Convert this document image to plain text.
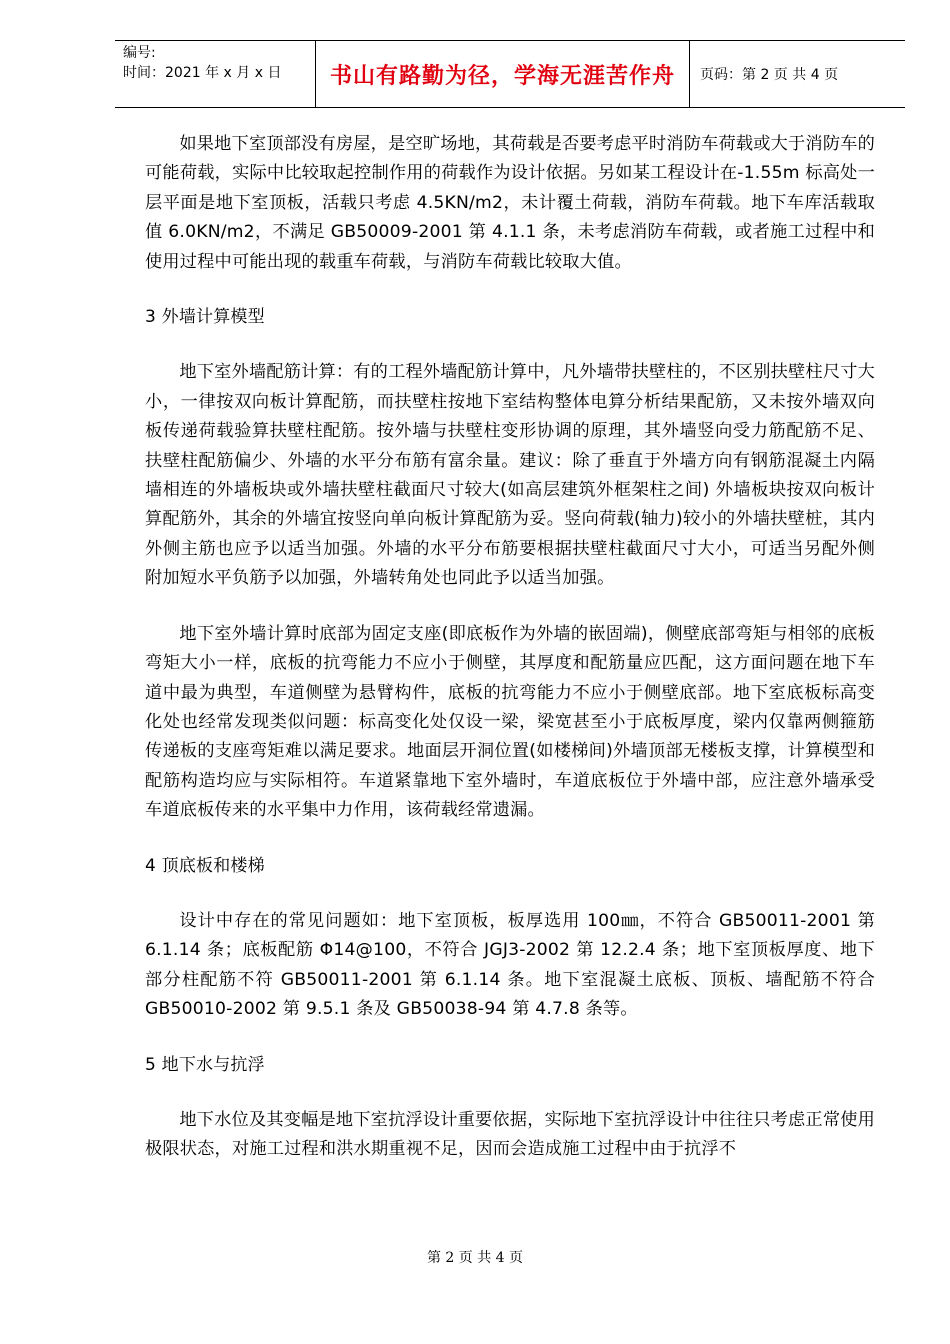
编号:
时间：2021 年 x 月 x 日	书山有路勤为径，学海无涯苦作舟	页码：第 2 页 共 4 页

如果地下室顶部没有房屋，是空旷场地，其荷载是否要考虑平时消防车荷载或大于消防车的可能荷载，实际中比较取起控制作用的荷载作为设计依据。另如某工程设计在-1.55m 标高处一层平面是地下室顶板，活载只考虑 4.5KN/m2，未计覆土荷载，消防车荷载。地下车库活载取值 6.0KN/m2，不满足 GB50009-2001 第 4.1.1 条，未考虑消防车荷载，或者施工过程中和使用过程中可能出现的载重车荷载，与消防车荷载比较取大值。

3 外墙计算模型

地下室外墙配筋计算：有的工程外墙配筋计算中，凡外墙带扶壁柱的，不区别扶壁柱尺寸大小，一律按双向板计算配筋，而扶壁柱按地下室结构整体电算分析结果配筋，又未按外墙双向板传递荷载验算扶壁柱配筋。按外墙与扶壁柱变形协调的原理，其外墙竖向受力筋配筋不足、扶壁柱配筋偏少、外墙的水平分布筋有富余量。建议：除了垂直于外墙方向有钢筋混凝土内隔墙相连的外墙板块或外墙扶壁柱截面尺寸较大(如高层建筑外框架柱之间) 外墙板块按双向板计算配筋外，其余的外墙宜按竖向单向板计算配筋为妥。竖向荷载(轴力)较小的外墙扶壁桩，其内外侧主筋也应予以适当加强。外墙的水平分布筋要根据扶壁柱截面尺寸大小，可适当另配外侧附加短水平负筋予以加强，外墙转角处也同此予以适当加强。

地下室外墙计算时底部为固定支座(即底板作为外墙的嵌固端)，侧壁底部弯矩与相邻的底板弯矩大小一样，底板的抗弯能力不应小于侧壁，其厚度和配筋量应匹配，这方面问题在地下车道中最为典型，车道侧壁为悬臂构件，底板的抗弯能力不应小于侧壁底部。地下室底板标高变化处也经常发现类似问题：标高变化处仅设一梁，梁宽甚至小于底板厚度，梁内仅靠两侧箍筋传递板的支座弯矩难以满足要求。地面层开洞位置(如楼梯间)外墙顶部无楼板支撑，计算模型和配筋构造均应与实际相符。车道紧靠地下室外墙时，车道底板位于外墙中部，应注意外墙承受车道底板传来的水平集中力作用，该荷载经常遗漏。

4 顶底板和楼梯

设计中存在的常见问题如：地下室顶板，板厚选用 100㎜，不符合 GB50011-2001 第 6.1.14 条；底板配筋 Φ14@100，不符合 JGJ3-2002 第 12.2.4 条；地下室顶板厚度、地下部分柱配筋不符 GB50011-2001 第 6.1.14 条。地下室混凝土底板、顶板、墙配筋不符合 GB50010-2002 第 9.5.1 条及 GB50038-94 第 4.7.8 条等。

5 地下水与抗浮

地下水位及其变幅是地下室抗浮设计重要依据，实际地下室抗浮设计中往往只考虑正常使用极限状态，对施工过程和洪水期重视不足，因而会造成施工过程中由于抗浮不

第 2 页 共 4 页
